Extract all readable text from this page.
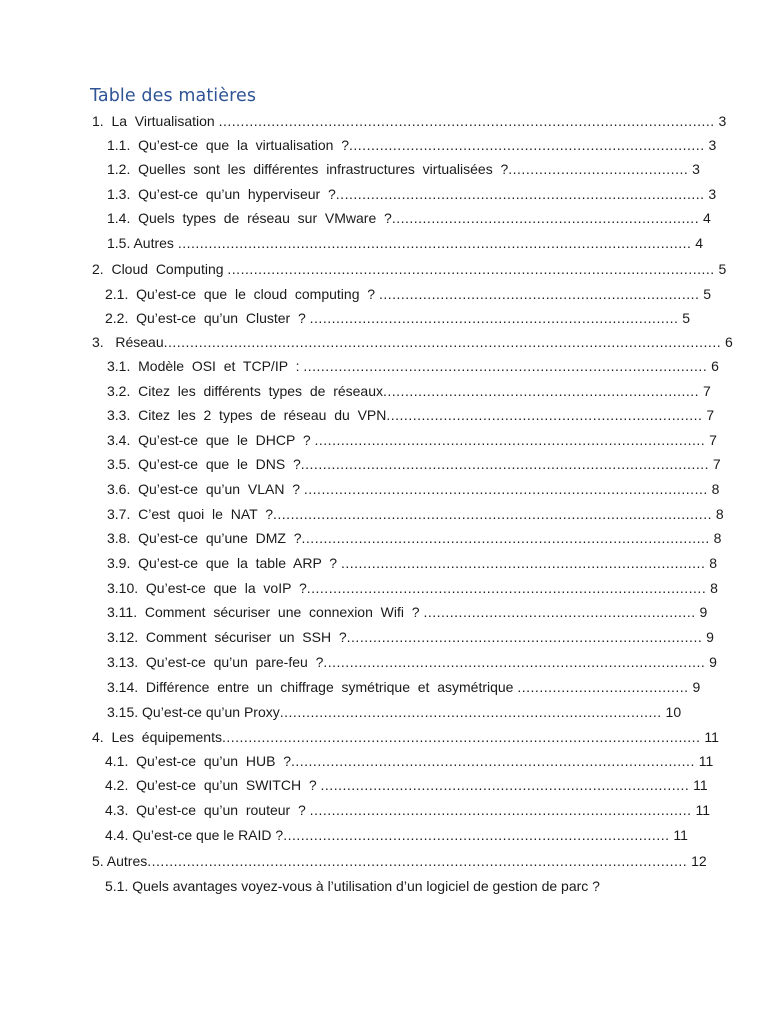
Table des matières
1.  La  Virtualisation ................................................................................................................. 3
1.1.  Qu’est-ce  que  la  virtualisation  ?................................................................................. 3
1.2.  Quelles  sont  les  différentes  infrastructures  virtualisées  ?......................................... 3
1.3.  Qu’est-ce  qu’un  hyperviseur  ?.................................................................................... 3
1.4.  Quels  types  de  réseau  sur  VMware  ?...................................................................... 4
1.5. Autres ..................................................................................................................... 4
2.  Cloud  Computing ............................................................................................................... 5
2.1.  Qu’est-ce  que  le  cloud  computing  ? ......................................................................... 5
2.2.  Qu’est-ce  qu’un  Cluster  ? .................................................................................... 5
3.   Réseau............................................................................................................................... 6
3.1.  Modèle  OSI  et  TCP/IP  : ............................................................................................ 6
3.2.  Citez  les  différents  types  de  réseaux........................................................................ 7
3.3.  Citez  les  2  types  de  réseau  du  VPN........................................................................ 7
3.4.  Qu’est-ce  que  le  DHCP  ? ......................................................................................... 7
3.5.  Qu’est-ce  que  le  DNS  ?............................................................................................. 7
3.6.  Qu’est-ce  qu’un  VLAN  ? ............................................................................................ 8
3.7.  C’est  quoi  le  NAT  ?.................................................................................................... 8
3.8.  Qu’est-ce  qu’une  DMZ  ?............................................................................................. 8
3.9.  Qu’est-ce  que  la  table  ARP  ? ................................................................................... 8
3.10.  Qu’est-ce  que  la  voIP  ?........................................................................................... 8
3.11.  Comment  sécuriser  une  connexion  Wifi  ? .............................................................. 9
3.12.  Comment  sécuriser  un  SSH  ?................................................................................. 9
3.13.  Qu’est-ce  qu’un  pare-feu  ?....................................................................................... 9
3.14.  Différence  entre  un  chiffrage  symétrique  et  asymétrique ....................................... 9
3.15. Qu’est-ce qu’un Proxy....................................................................................... 10
4.  Les  équipements............................................................................................................. 11
4.1.  Qu’est-ce  qu’un  HUB  ?............................................................................................ 11
4.2.  Qu’est-ce  qu’un  SWITCH  ? .................................................................................... 11
4.3.  Qu’est-ce  qu’un  routeur  ? ....................................................................................... 11
4.4. Qu’est-ce que le RAID ?........................................................................................ 11
5. Autres........................................................................................................................... 12
5.1. Quels avantages voyez-vous à l’utilisation d’un logiciel de gestion de parc ?
